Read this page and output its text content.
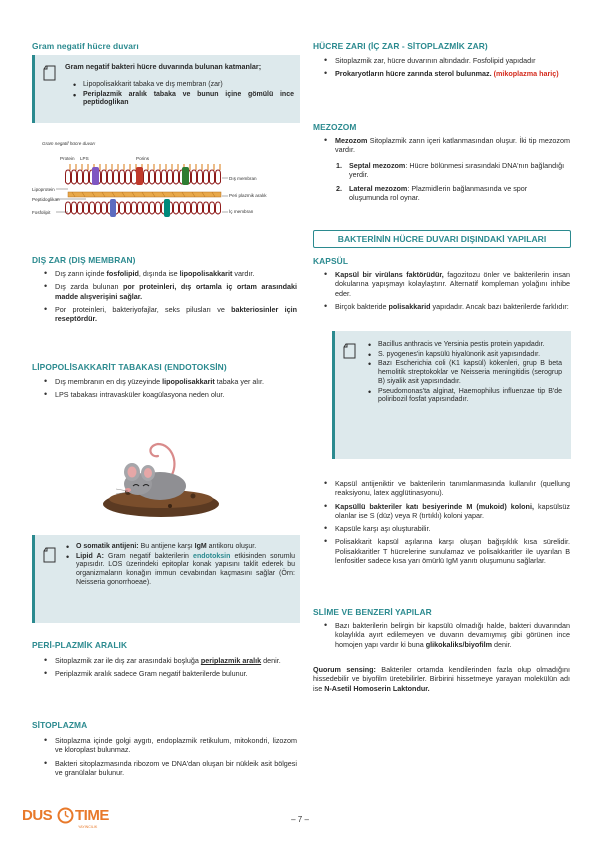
Gram negatif hücre duvarı
Gram negatif bakteri hücre duvarında bulunan katmanlar;
• Lipopolisakkarit tabaka ve dış membran (zar)
• Periplazmik aralık tabaka ve bunun içine gömülü ince peptidoglikan
Gram negatif hücre duvarı
Protein LPS	Porins
Lipoprotein
Peptidoglikan
Fosfolipit
Dış membran
Peri plazmik aralık
İç membran
DIŞ ZAR (DIŞ MEMBRAN)
• Dış zarın içinde fosfolipid, dışında ise lipopolisakkarit vardır.
• Dış zarda bulunan por proteinleri, dış ortamla iç ortam arasındaki madde alışverişini sağlar.
• Por proteinleri, bakteriyofajlar, seks pilusları ve bakteriosinler için reseptördür.
LİPOPOLİSAKKARİT TABAKASI (ENDOTOKSİN)
• Dış membranın en dış yüzeyinde lipopolisakkarit tabaka yer alır.
• LPS tabakası intravasküler koagülasyona neden olur.
• O somatik antijeni: Bu antijene karşı IgM antikoru oluşur.
• Lipid A: Gram negatif bakterilerin endotoksin etkisinden sorumlu yapısıdır. LOS üzerindeki epitoplar konak yapısını taklit ederek bu organizmaların konağın immun cevabından kaçmasını sağlar (Örn: Neisseria gonorrhoeae).
PERİ-PLAZMİK ARALIK
• Sitoplazmik zar ile dış zar arasındaki boşluğa periplazmik aralık denir.
• Periplazmik aralık sadece Gram negatif bakterilerde bulunur.
SİTOPLAZMA
• Sitoplazma içinde golgi aygıtı, endoplazmik retikulum, mitokondri, lizozom ve kloroplast bulunmaz.
• Bakteri sitoplazmasında ribozom ve DNA'dan oluşan bir nükleik asit bölgesi ve granülalar bulunur.
HÜCRE ZARI (İÇ ZAR - SİTOPLAZMİK ZAR)
• Sitoplazmik zar, hücre duvarının altındadır. Fosfolipid yapıdadır
• Prokaryotların hücre zarında sterol bulunmaz. (mikoplazma hariç)
MEZOZOM
• Mezozom Sitoplazmik zarın içeri katlanmasından oluşur. İki tip mezozom vardır.
1. Septal mezozom: Hücre bölünmesi sırasındaki DNA'nın bağlandığı yerdir.
2. Lateral mezozom: Plazmidlerin bağlanmasında ve spor oluşumunda rol oynar.
BAKTERİNİN HÜCRE DUVARI DIŞINDAKİ YAPILARI
KAPSÜL
• Kapsül bir virülans faktörüdür, fagozitozu önler ve bakterilerin insan dokularına yapışmayı kolaylaştırır. Alternatif kompleman yolağını inhibe eder.
• Birçok bakteride polisakkarid yapıdadır. Ancak bazı bakterilerde farklıdır:
• Bacillus anthracis ve Yersinia pestis protein yapıdadır.
• S. pyogenes'in kapsülü hiyalünorik asit yapısındadır.
• Bazı Escherichia coli (K1 kapsül) kökenleri, grup B beta hemolitik streptokoklar ve Neisseria meningitidis (serogrup B) siyalik asit yapısındadır.
• Pseudomonas'ta alginat, Haemophilus influenzae tip B'de poliribozil fosfat yapısındadır.
• Kapsül antijeniktir ve bakterilerin tanımlanmasında kullanılır (quellung reaksiyonu, latex agglütinasyonu).
• Kapsüllü bakteriler katı besiyerinde M (mukoid) koloni, kapsülsüz olanlar ise S (düz) veya R (tırtıklı) koloni yapar.
• Kapsüle karşı aşı oluşturabilir.
• Polisakkarit kapsül aşılarına karşı oluşan bağışıklık kısa sürelidir. Polisakkaritler T hücrelerine sunulamaz ve polisakkaritler ile uyarılan B lenfositler sadece kısa yarı ömürlü IgM yanıtı oluşumunu sağlarlar.
SLİME VE BENZERİ YAPILAR
• Bazı bakterilerin belirgin bir kapsülü olmadığı halde, bakteri duvarından kolaylıkla ayırt edilemeyen ve duvarın devamıymış gibi görünen ince homojen yapı vardır ki buna glikokaliks/biyofilm denir.
Quorum sensing: Bakteriler ortamda kendilerinden fazla olup olmadığını hissedebilir ve biyofilm üretebilirler. Birbirini hissetmeye yarayan molekülün adı ise N-Asetil Homoserin Laktondur.
DUS TIME
YAYINCILIK
– 7 –
